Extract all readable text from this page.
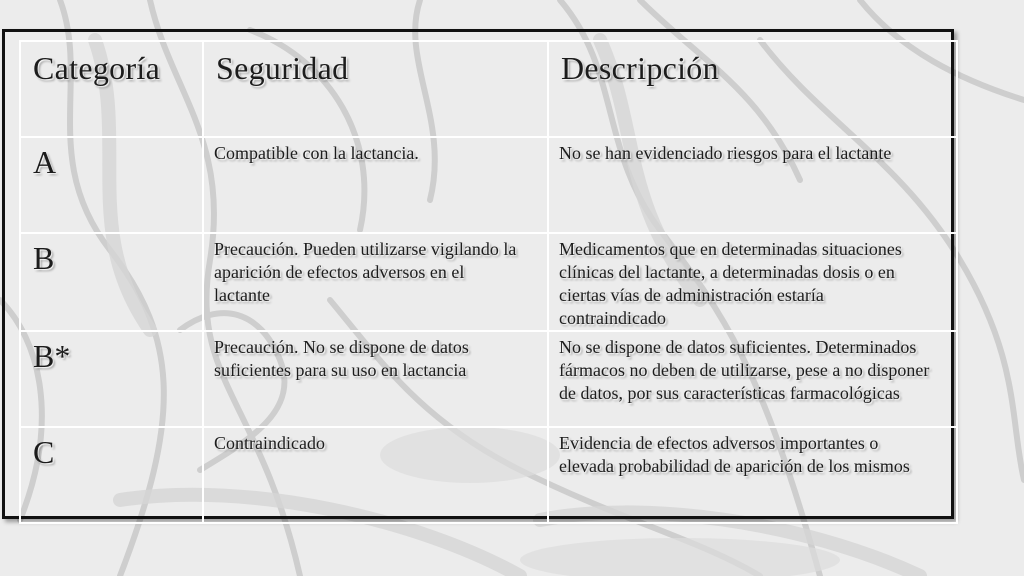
Categoría	Seguridad	Descripción
A	Compatible con la lactancia.	No se han evidenciado riesgos para el lactante
B	Precaución. Pueden utilizarse vigilando la aparición de efectos adversos en el lactante	Medicamentos que en determinadas situaciones clínicas del lactante, a determinadas dosis o en ciertas vías de administración estaría contraindicado
B*	Precaución. No se dispone de datos suficientes para su uso en lactancia	No se dispone de datos suficientes. Determinados fármacos no deben de utilizarse, pese a no disponer de datos, por sus características farmacológicas
C	Contraindicado	Evidencia de efectos adversos importantes o elevada probabilidad de aparición de los mismos
